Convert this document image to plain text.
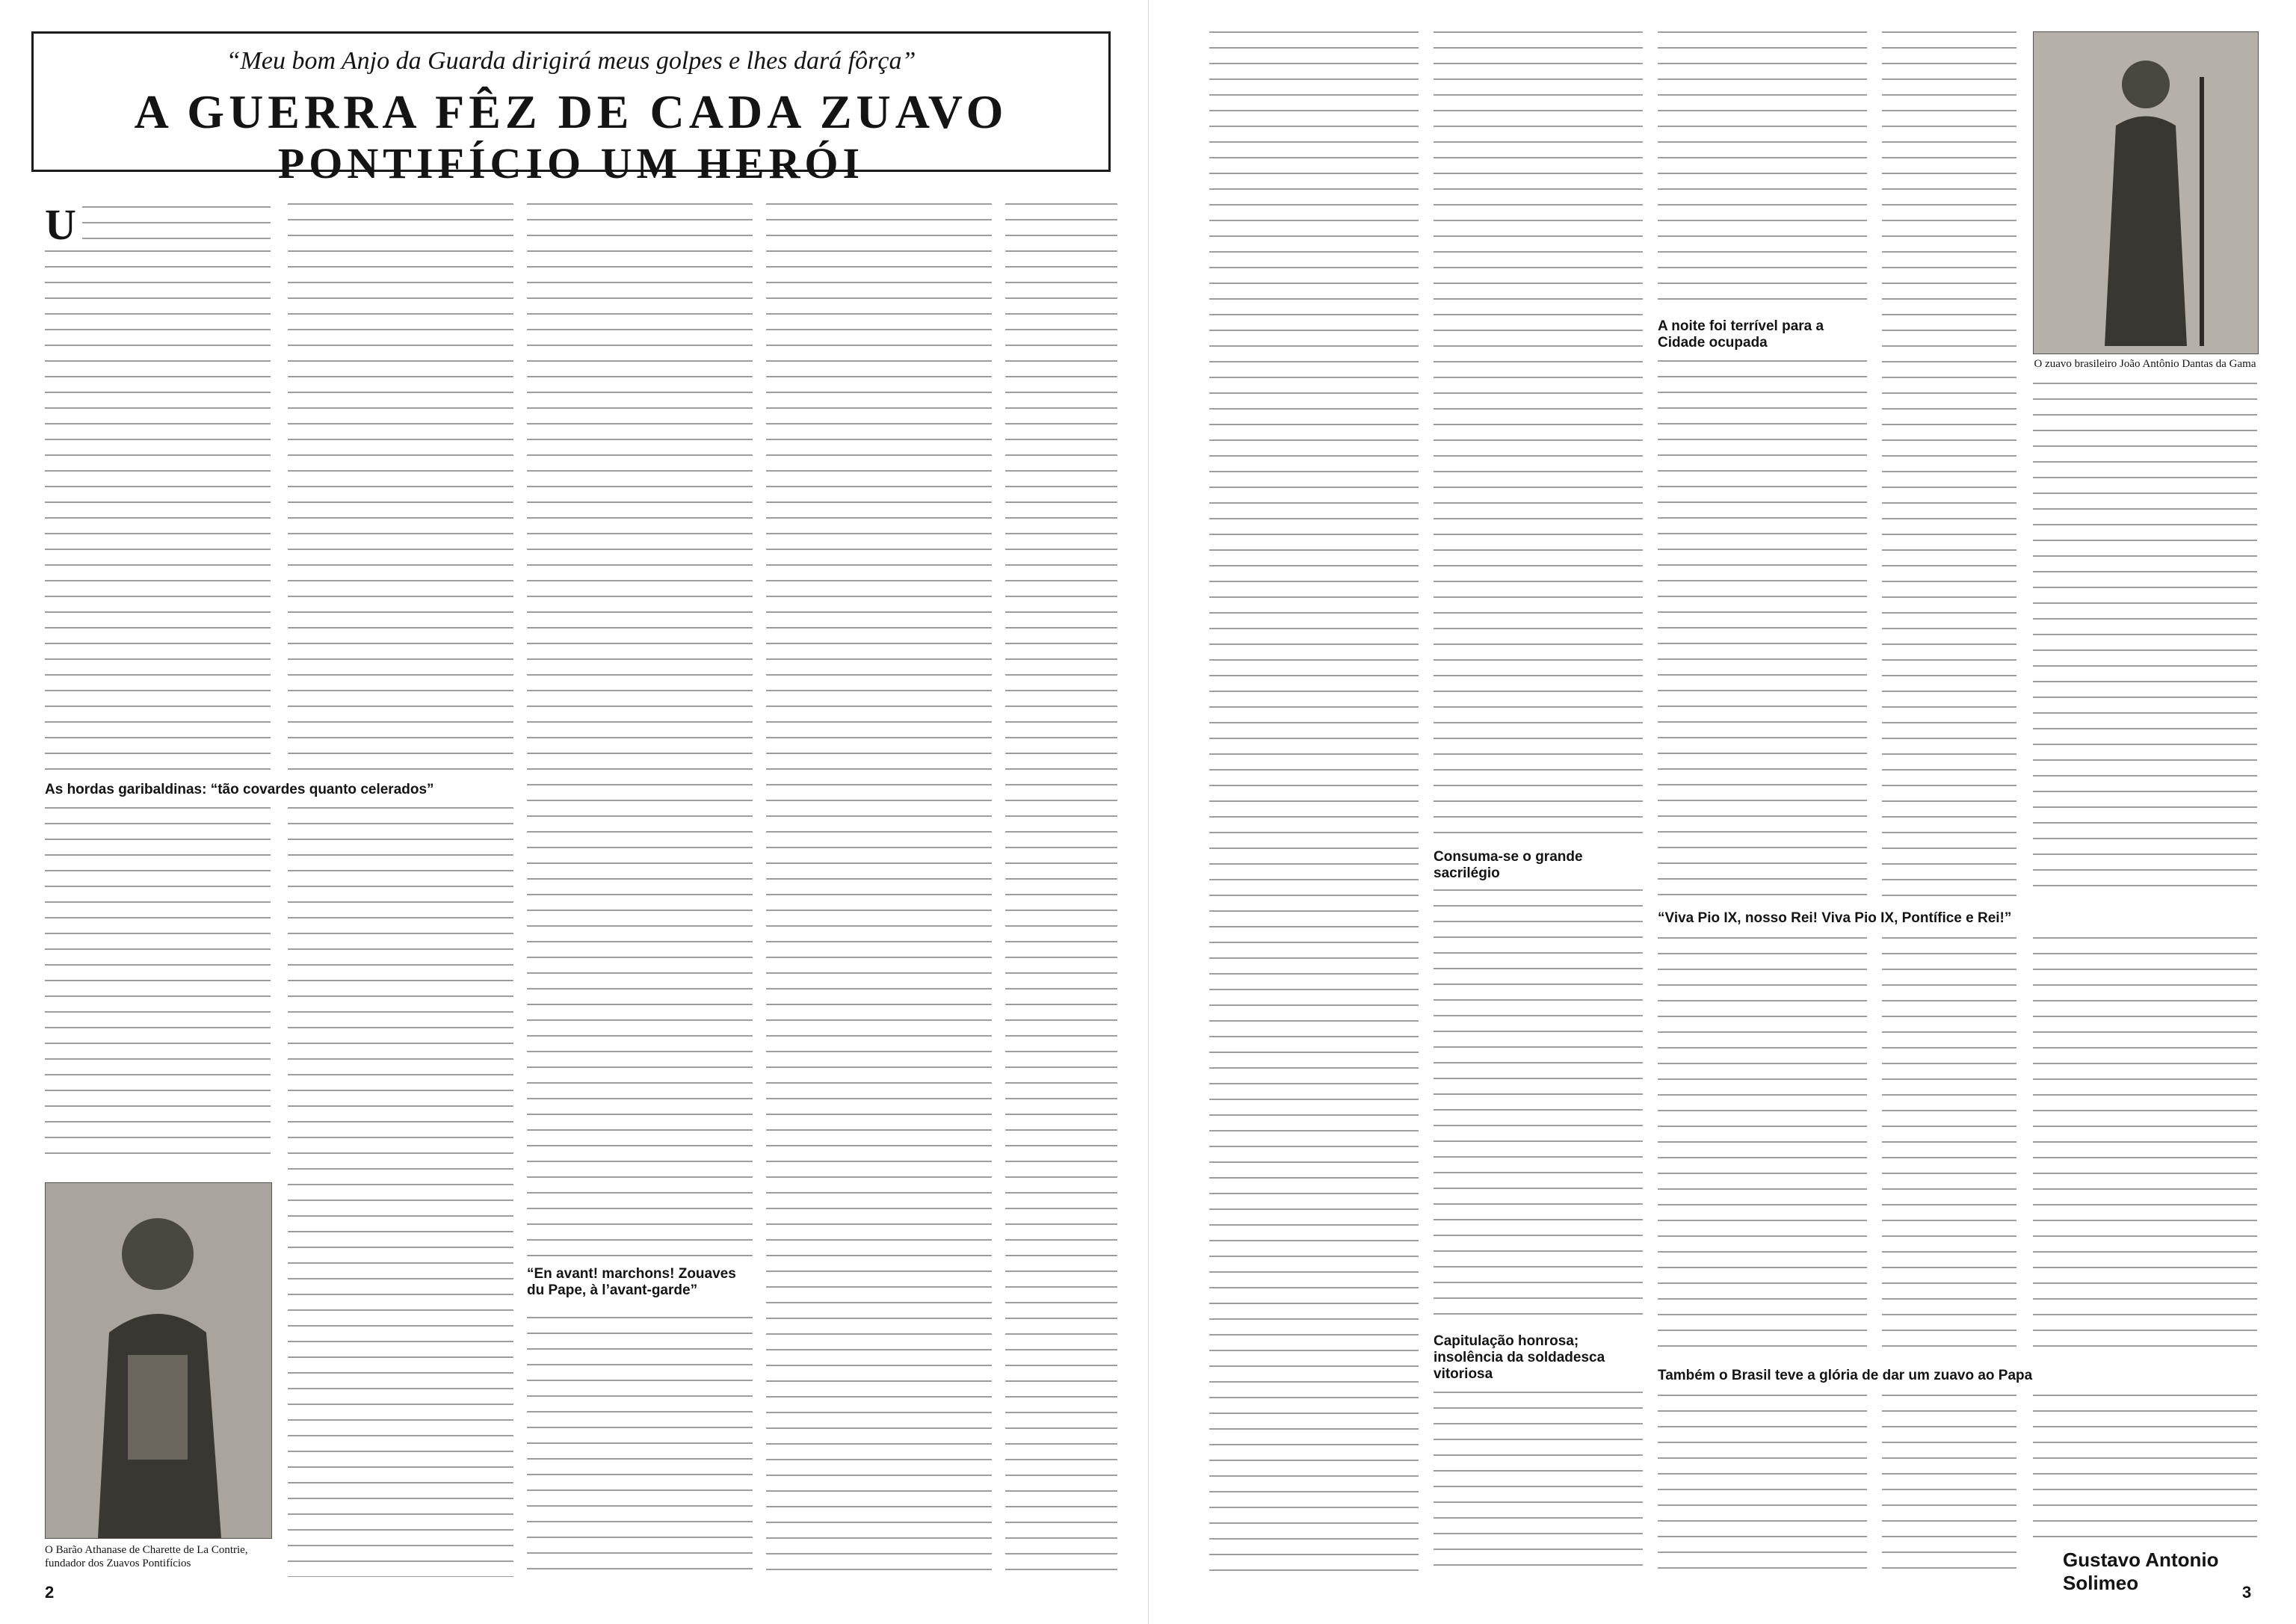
“Meu bom Anjo da Guarda dirigirá meus golpes e lhes dará fôrça”
A GUERRA FÊZ DE CADA ZUAVO
PONTIFÍCIO UM HERÓI
U
As hordas garibaldinas: “tão covardes quanto celerados”
O Barão Athanase de Charette de La Contrie, fundador dos Zuavos Pontifícios
2
“En avant! marchons! Zouaves du Pape, à l’avant-garde”
Consuma-se o grande sacrilégio
Capitulação honrosa; insolência da soldadesca vitoriosa
A noite foi terrível para a Cidade ocupada
O zuavo brasileiro João Antônio Dantas da Gama
“Viva Pio IX, nosso Rei! Viva Pio IX, Pontífice e Rei!”
Também o Brasil teve a glória de dar um zuavo ao Papa
Gustavo Antonio Solimeo	3
